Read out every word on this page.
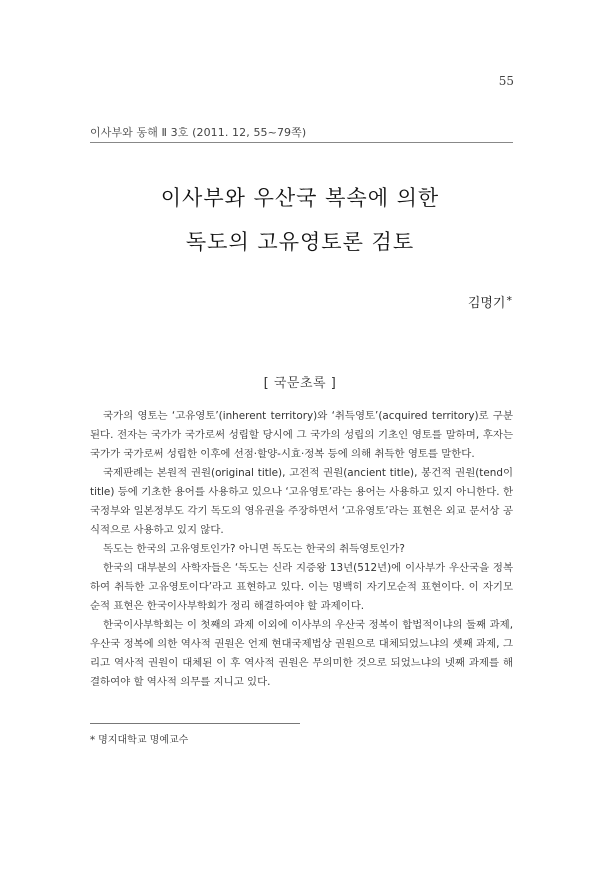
55
이사부와 동해 Ⅱ 3호 (2011. 12, 55~79쪽)
이사부와 우산국 복속에 의한
독도의 고유영토론 검토
김명기*
[ 국문초록 ]

국가의 영토는 ‘고유영토’(inherent territory)와 ‘취득영토’(acquired territory)로 구분된다. 전자는 국가가 국가로써 성립할 당시에 그 국가의 성립의 기초인 영토를 말하며, 후자는 국가가 국가로써 성립한 이후에 선점·할양-시효·정복 등에 의해 취득한 영토를 말한다.

국제판례는 본원적 권원(original title), 고전적 권원(ancient title), 봉건적 권원(tend이 title) 등에 기초한 용어를 사용하고 있으나 ‘고유영토’라는 용어는 사용하고 있지 아니한다. 한국정부와 일본정부도 각기 독도의 영유권을 주장하면서 ‘고유영토’라는 표현은 외교 문서상 공식적으로 사용하고 있지 않다.

독도는 한국의 고유영토인가? 아니면 독도는 한국의 취득영토인가?

한국의 대부분의 사학자들은 ‘독도는 신라 지증왕 13년(512년)에 이사부가 우산국을 정복하여 취득한 고유영토이다’라고 표현하고 있다. 이는 명백히 자기모순적 표현이다. 이 자기모순적 표현은 한국이사부학회가 정리 해결하여야 할 과제이다.

한국이사부학회는 이 첫째의 과제 이외에 이사부의 우산국 정복이 합법적이냐의 둘째 과제, 우산국 정복에 의한 역사적 권원은 언제 현대국제법상 권원으로 대체되었느냐의 셋째 과제, 그리고 역사적 권원이 대체된 이 후 역사적 권원은 무의미한 것으로 되었느냐의 넷째 과제를 해결하여야 할 역사적 의무를 지니고 있다.

* 명지대학교 명예교수
